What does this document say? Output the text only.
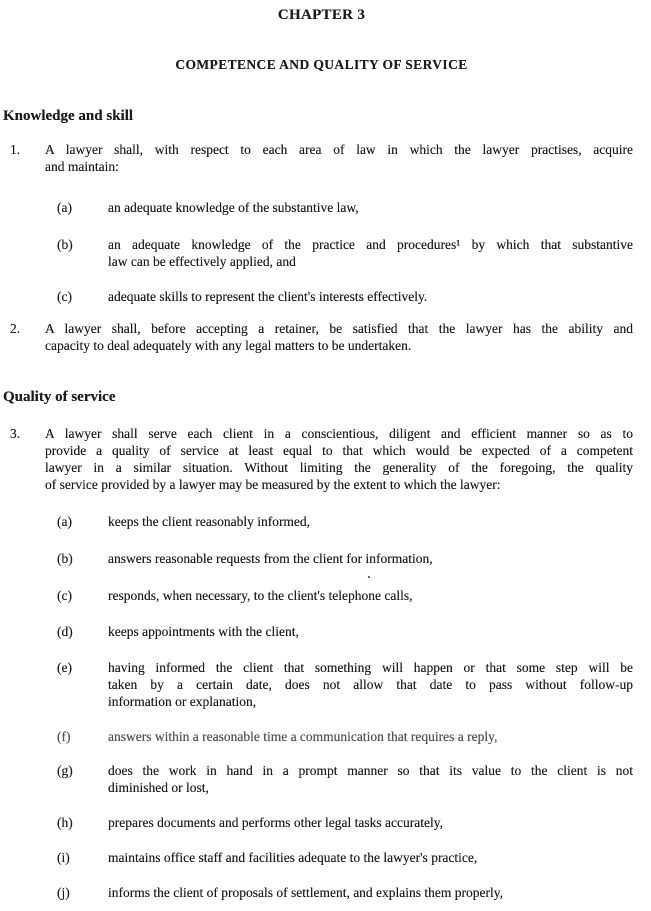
CHAPTER 3
COMPETENCE AND QUALITY OF SERVICE
Knowledge and skill
1.	A lawyer shall, with respect to each area of law in which the lawyer practises, acquire
and maintain:
(a)	an adequate knowledge of the substantive law,
(b)	an adequate knowledge of the practice and procedures¹ by which that substantive
law can be effectively applied, and
(c)	adequate skills to represent the client's interests effectively.
2.	A lawyer shall, before accepting a retainer, be satisfied that the lawyer has the ability and
capacity to deal adequately with any legal matters to be undertaken.
Quality of service
3.	A lawyer shall serve each client in a conscientious, diligent and efficient manner so as to
provide a quality of service at least equal to that which would be expected of a competent
lawyer in a similar situation. Without limiting the generality of the foregoing, the quality
of service provided by a lawyer may be measured by the extent to which the lawyer:
(a)	keeps the client reasonably informed,
(b)	answers reasonable requests from the client for information,
(c)	responds, when necessary, to the client's telephone calls,
(d)	keeps appointments with the client,
(e)	having informed the client that something will happen or that some step will be
taken by a certain date, does not allow that date to pass without follow-up
information or explanation,
(f)	answers within a reasonable time a communication that requires a reply,
(g)	does the work in hand in a prompt manner so that its value to the client is not
diminished or lost,
(h)	prepares documents and performs other legal tasks accurately,
(i)	maintains office staff and facilities adequate to the lawyer's practice,
(j)	informs the client of proposals of settlement, and explains them properly,
